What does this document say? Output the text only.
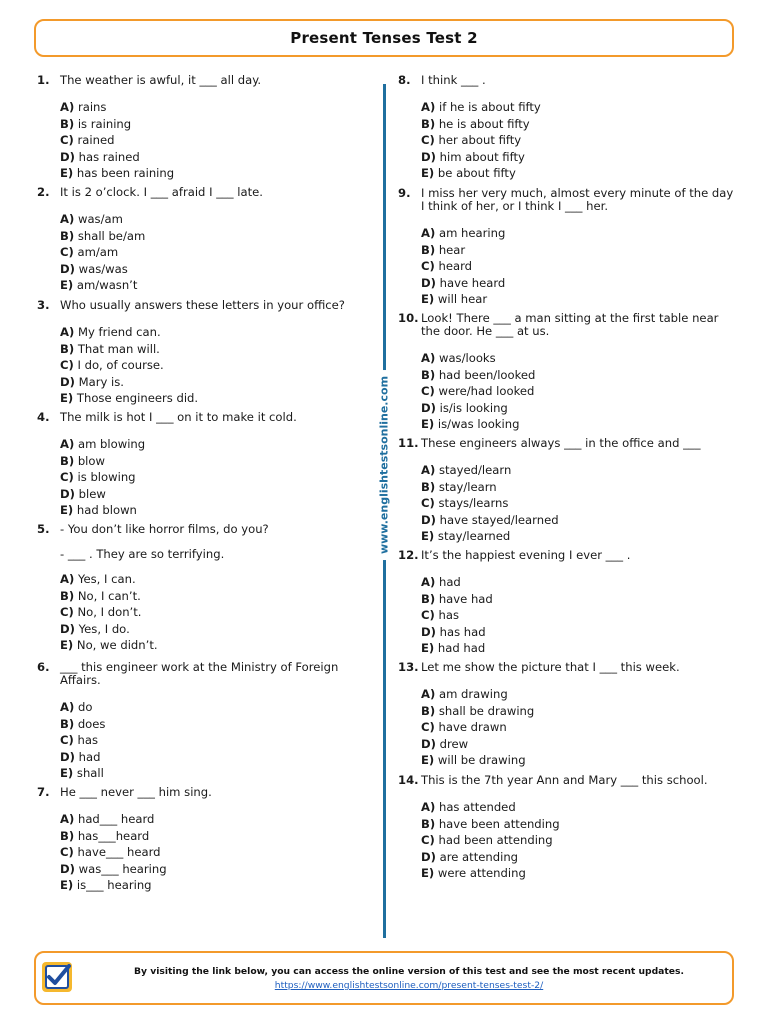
Present Tenses Test 2
1. The weather is awful, it ___ all day.
A) rains
B) is raining
C) rained
D) has rained
E) has been raining
2. It is 2 o’clock. I ___ afraid I ___ late.
A) was/am
B) shall be/am
C) am/am
D) was/was
E) am/wasn’t
3. Who usually answers these letters in your office?
A) My friend can.
B) That man will.
C) I do, of course.
D) Mary is.
E) Those engineers did.
4. The milk is hot I ___ on it to make it cold.
A) am blowing
B) blow
C) is blowing
D) blew
E) had blown
5. - You don’t like horror films, do you?
- ___ . They are so terrifying.
A) Yes, I can.
B) No, I can’t.
C) No, I don’t.
D) Yes, I do.
E) No, we didn’t.
6. ___ this engineer work at the Ministry of Foreign Affairs.
A) do
B) does
C) has
D) had
E) shall
7. He ___ never ___ him sing.
A) had___ heard
B) has___heard
C) have___ heard
D) was___ hearing
E) is___ hearing
www.englishtestsonline.com
8. I think ___ .
A) if he is about fifty
B) he is about fifty
C) her about fifty
D) him about fifty
E) be about fifty
9. I miss her very much, almost every minute of the day I think of her, or I think I ___ her.
A) am hearing
B) hear
C) heard
D) have heard
E) will hear
10. Look! There ___ a man sitting at the first table near the door. He ___ at us.
A) was/looks
B) had been/looked
C) were/had looked
D) is/is looking
E) is/was looking
11. These engineers always ___ in the office and ___
A) stayed/learn
B) stay/learn
C) stays/learns
D) have stayed/learned
E) stay/learned
12. It’s the happiest evening I ever ___ .
A) had
B) have had
C) has
D) has had
E) had had
13. Let me show the picture that I ___ this week.
A) am drawing
B) shall be drawing
C) have drawn
D) drew
E) will be drawing
14. This is the 7th year Ann and Mary ___ this school.
A) has attended
B) have been attending
C) had been attending
D) are attending
E) were attending
By visiting the link below, you can access the online version of this test and see the most recent updates.
https://www.englishtestsonline.com/present-tenses-test-2/
